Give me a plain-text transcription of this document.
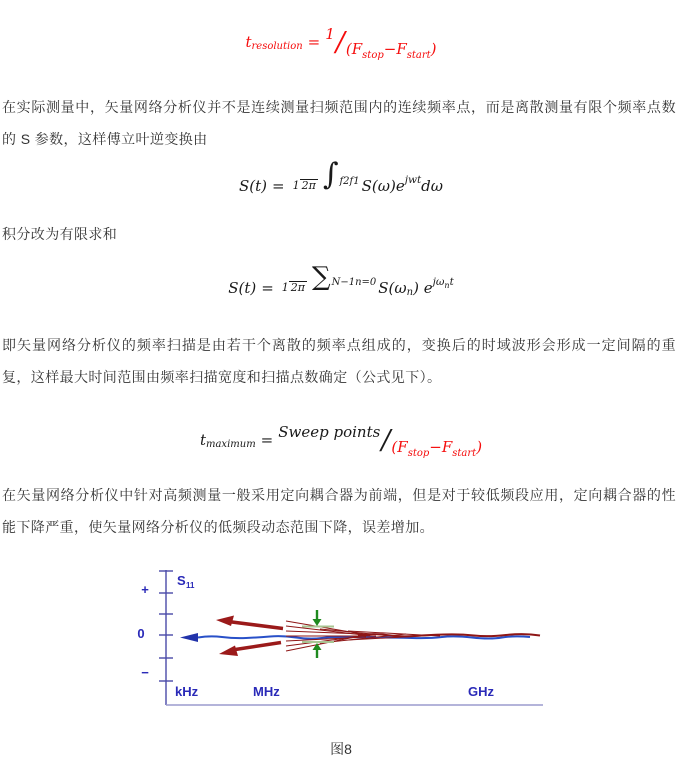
t resolution = 1 / (Fstop−Fstart)

在实际测量中，矢量网络分析仪并不是连续测量扫频范围内的连续频率点，而是离散测量有限个频率点数的 S 参数，这样傅立叶逆变换由

S(t) = 1 2π ∫f2f1 S(ω)e jwt dω

积分改为有限求和

S(t) = 1 2π ∑N−1n=0 S(ω n ) e jωnt

即矢量网络分析仪的频率扫描是由若干个离散的频率点组成的，变换后的时域波形会形成一定间隔的重复，这样最大时间范围由频率扫描宽度和扫描点数确定（公式见下）。

t maximum = Sweep points / (Fstop−Fstart)

在矢量网络分析仪中针对高频测量一般采用定向耦合器为前端，但是对于较低频段应用，定向耦合器的性能下降严重，使矢量网络分析仪的低频段动态范围下降，误差增加。

+
0
−
S 11
kHz	MHz	GHz
图8
